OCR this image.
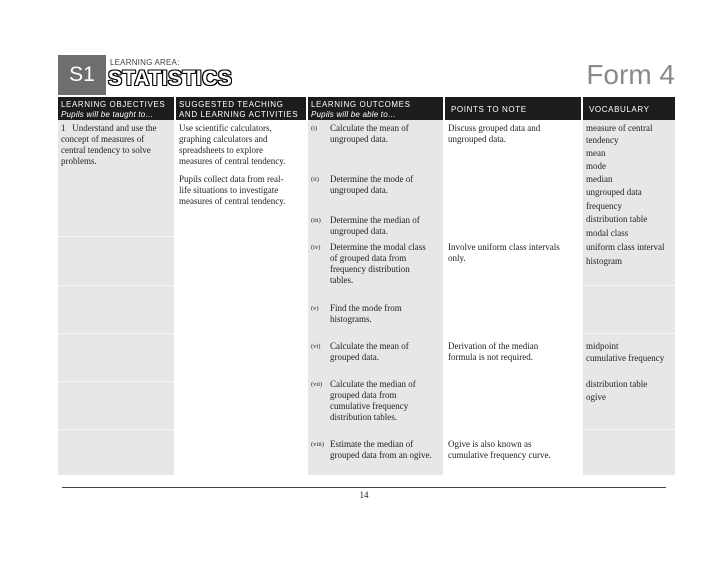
S1
LEARNING AREA:
STATISTICS	Form 4
LEARNING OBJECTIVES
Pupils will be taught to…
SUGGESTED TEACHING
AND LEARNING ACTIVITIES
LEARNING OUTCOMES
Pupils will be able to…
POINTS TO NOTE	VOCABULARY
1 Understand and use the
concept of measures of
central tendency to solve
problems.
Use scientific calculators,
graphing calculators and
spreadsheets to explore
measures of central tendency.
Pupils collect data from real-
life situations to investigate
measures of central tendency.
(i) Calculate the mean of
ungrouped data.
(ii) Determine the mode of
ungrouped data.
(iii) Determine the median of
ungrouped data.
(iv) Determine the modal class
of grouped data from
frequency distribution
tables.
(v) Find the mode from
histograms.
(vi) Calculate the mean of
grouped data.
(vii) Calculate the median of
grouped data from
cumulative frequency
distribution tables.
(viii) Estimate the median of
grouped data from an ogive.
Discuss grouped data and
ungrouped data.
Involve uniform class intervals
only.
Derivation of the median
formula is not required.
Ogive is also known as
cumulative frequency curve.
measure of central
tendency
mean
mode
median
ungrouped data
frequency
distribution table
modal class
uniform class interval
histogram
midpoint
cumulative frequency
distribution table
ogive
14
